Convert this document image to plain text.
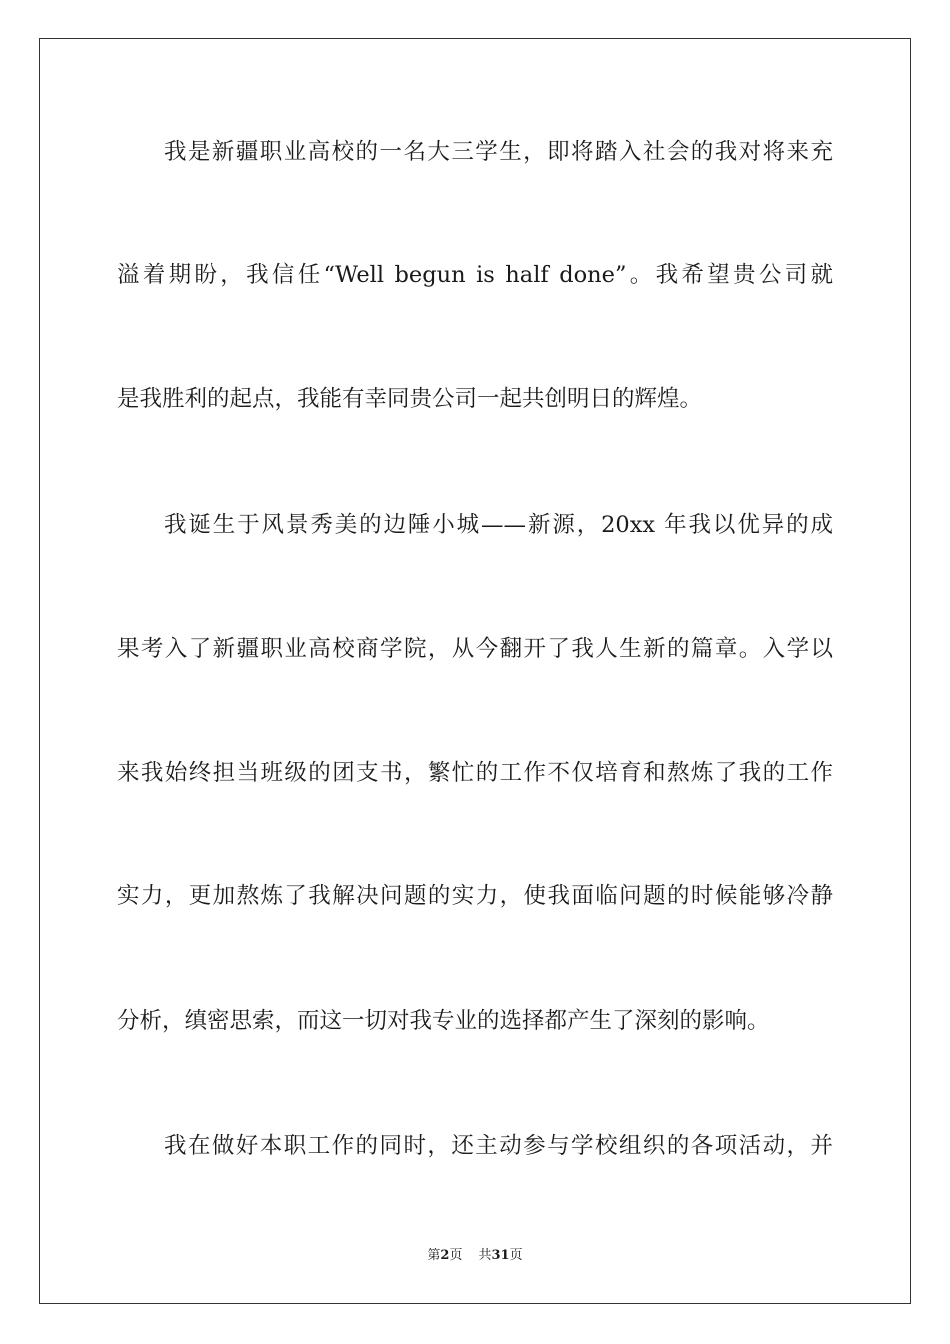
我是新疆职业高校的一名大三学生，即将踏入社会的我对将来充
溢着期盼，我信任“Well begun is half done”。我希望贵公司就
是我胜利的起点，我能有幸同贵公司一起共创明日的辉煌。
我诞生于风景秀美的边陲小城——新源，20xx 年我以优异的成
果考入了新疆职业高校商学院，从今翻开了我人生新的篇章。入学以
来我始终担当班级的团支书，繁忙的工作不仅培育和熬炼了我的工作
实力，更加熬炼了我解决问题的实力，使我面临问题的时候能够冷静
分析，缜密思索，而这一切对我专业的选择都产生了深刻的影响。
我在做好本职工作的同时，还主动参与学校组织的各项活动，并
第2页 共31页
